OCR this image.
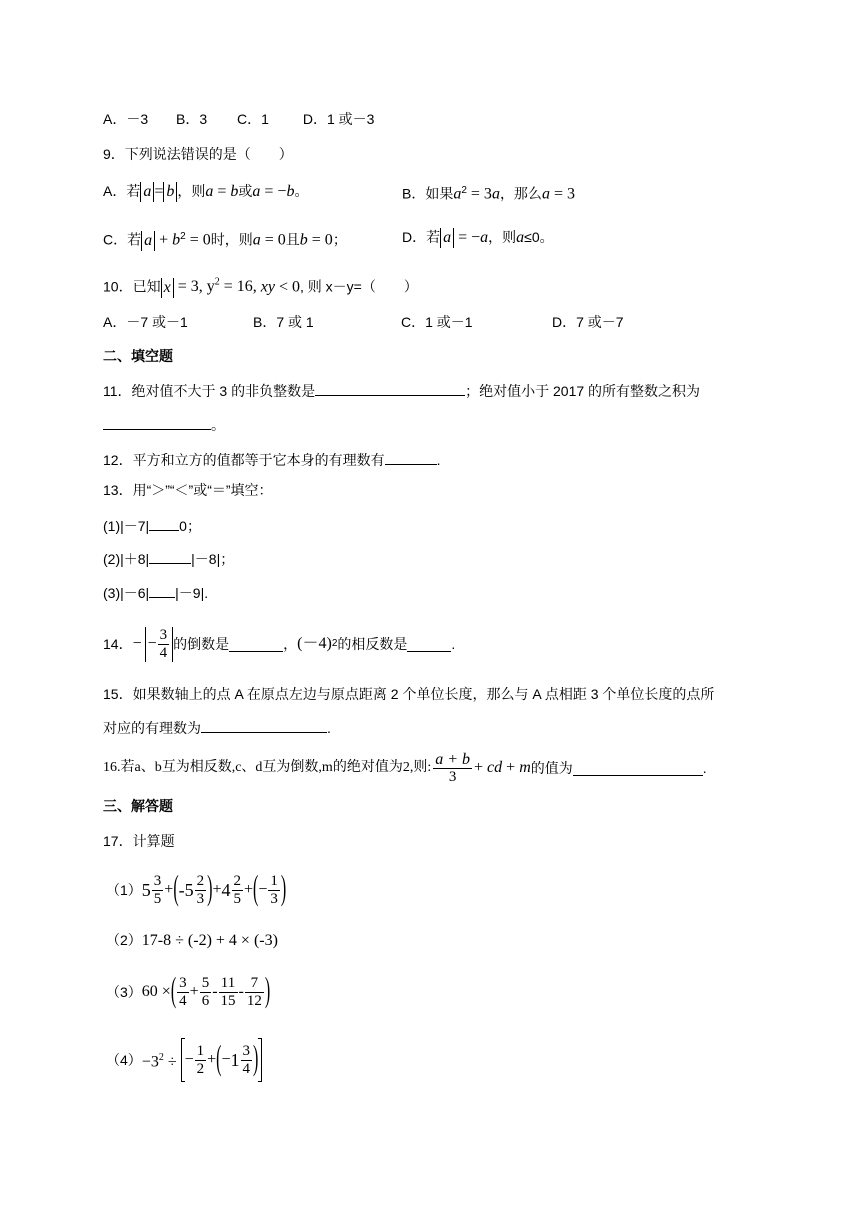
A．－3 B．3 C．1 D．1 或－3
9．下列说法错误的是（　　）
A．若 a = b ，则a = b或a = −b。	B．如果$a^2 = 3a$，那么a = 3
C．若 $a + b^2 = 0$时，则a = 0且b = 0；	D．若 a = −a，则a≤0。
10．已知 x = 3, $y^2 = 16$, xy < 0, 则 x－y=（　　）
A．－7 或－1	B．7 或 1	C．1 或－1	D．7 或－7
二、填空题
11．绝对值不大于 3 的非负整数是	；绝对值小于 2017 的所有整数之积为
。
12．平方和立方的值都等于它本身的有理数有	.
13．用“＞”“＜”或“＝”填空：
(1)|－7| 0；
(2)|＋8|	|－8|；
(3)|－6| |－9|.
14． − − $\frac{3}{4}$ 的倒数是	， (－4) 2 的相反数是	.
15．如果数轴上的点 A 在原点左边与原点距离 2 个单位长度，那么与 A 点相距 3 个单位长度的点所
对应的有理数为	.
16.若a、b互为相反数,c、d互为倒数,m的绝对值为2,则: $\frac{a + b}{3}$ + cd + m 的值为	.
三、解答题
17．计算题
（1） $5 \frac{3}{5}$ + ( $-5 \frac{2}{3}$ ) + $4 \frac{2}{5}$ + ( − $\frac{1}{3}$ )
（2）17-8 ÷ (-2) + 4 × (-3)
（3） 60 × ( $\frac{3}{4} + \frac{5}{6} - \frac{11}{15} - \frac{7}{12}$ )
$(4) -3^2$ ÷ − $\frac{1}{2}$ + ( − $1 \frac{3}{4}$ )
